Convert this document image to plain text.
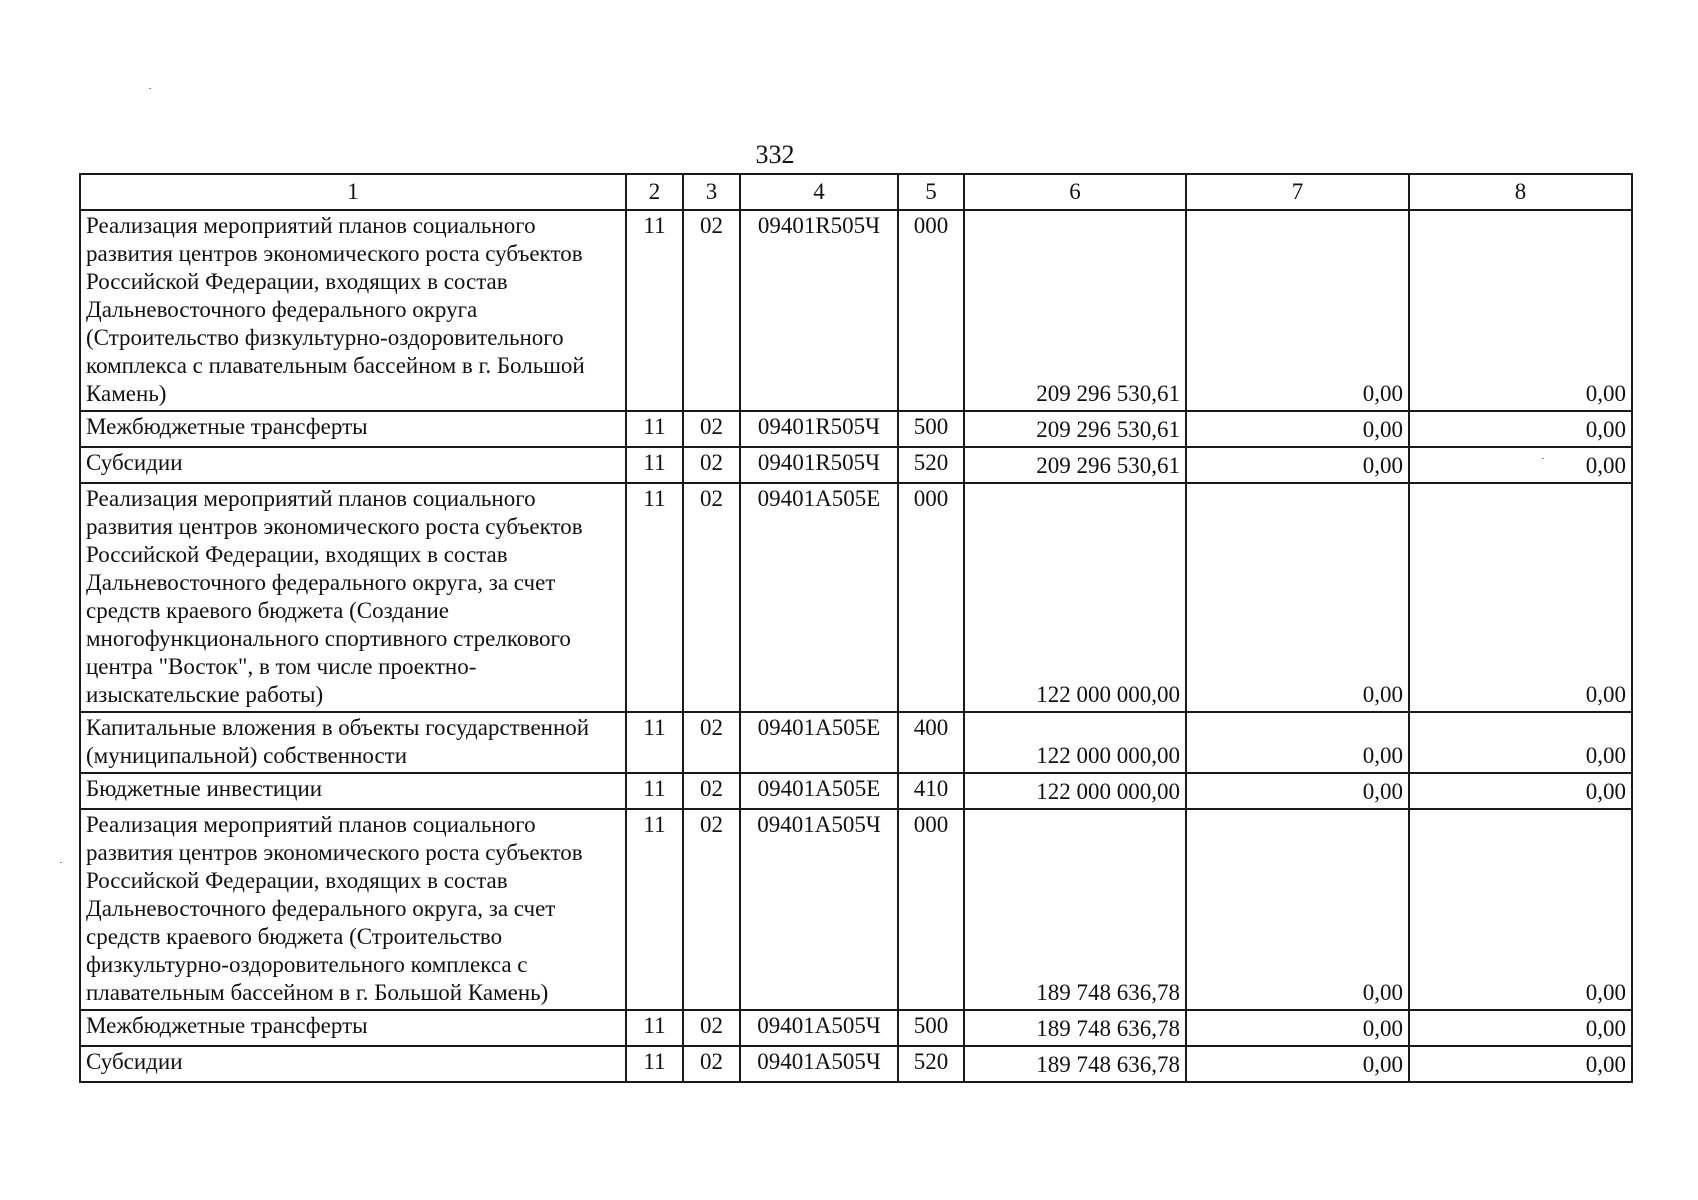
332
1	2	3	4	5	6	7	8
Реализация мероприятий планов социального развития центров экономического роста субъектов Российской Федерации, входящих в состав Дальневосточного федерального округа (Строительство физкультурно-оздоровительного комплекса с плавательным бассейном в г. Большой Камень)	11	02	09401R505Ч	000	209 296 530,61	0,00	0,00
Межбюджетные трансферты	11	02	09401R505Ч	500	209 296 530,61	0,00	0,00
Субсидии	11	02	09401R505Ч	520	209 296 530,61	0,00	0,00
Реализация мероприятий планов социального развития центров экономического роста субъектов Российской Федерации, входящих в состав Дальневосточного федерального округа, за счет средств краевого бюджета (Создание многофункционального спортивного стрелкового центра "Восток", в том числе проектно-изыскательские работы)	11	02	09401А505Е	000	122 000 000,00	0,00	0,00
Капитальные вложения в объекты государственной (муниципальной) собственности	11	02	09401А505Е	400	122 000 000,00	0,00	0,00
Бюджетные инвестиции	11	02	09401А505Е	410	122 000 000,00	0,00	0,00
Реализация мероприятий планов социального развития центров экономического роста субъектов Российской Федерации, входящих в состав Дальневосточного федерального округа, за счет средств краевого бюджета (Строительство физкультурно-оздоровительного комплекса с плавательным бассейном в г. Большой Камень)	11	02	09401А505Ч	000	189 748 636,78	0,00	0,00
Межбюджетные трансферты	11	02	09401А505Ч	500	189 748 636,78	0,00	0,00
Субсидии	11	02	09401А505Ч	520	189 748 636,78	0,00	0,00
